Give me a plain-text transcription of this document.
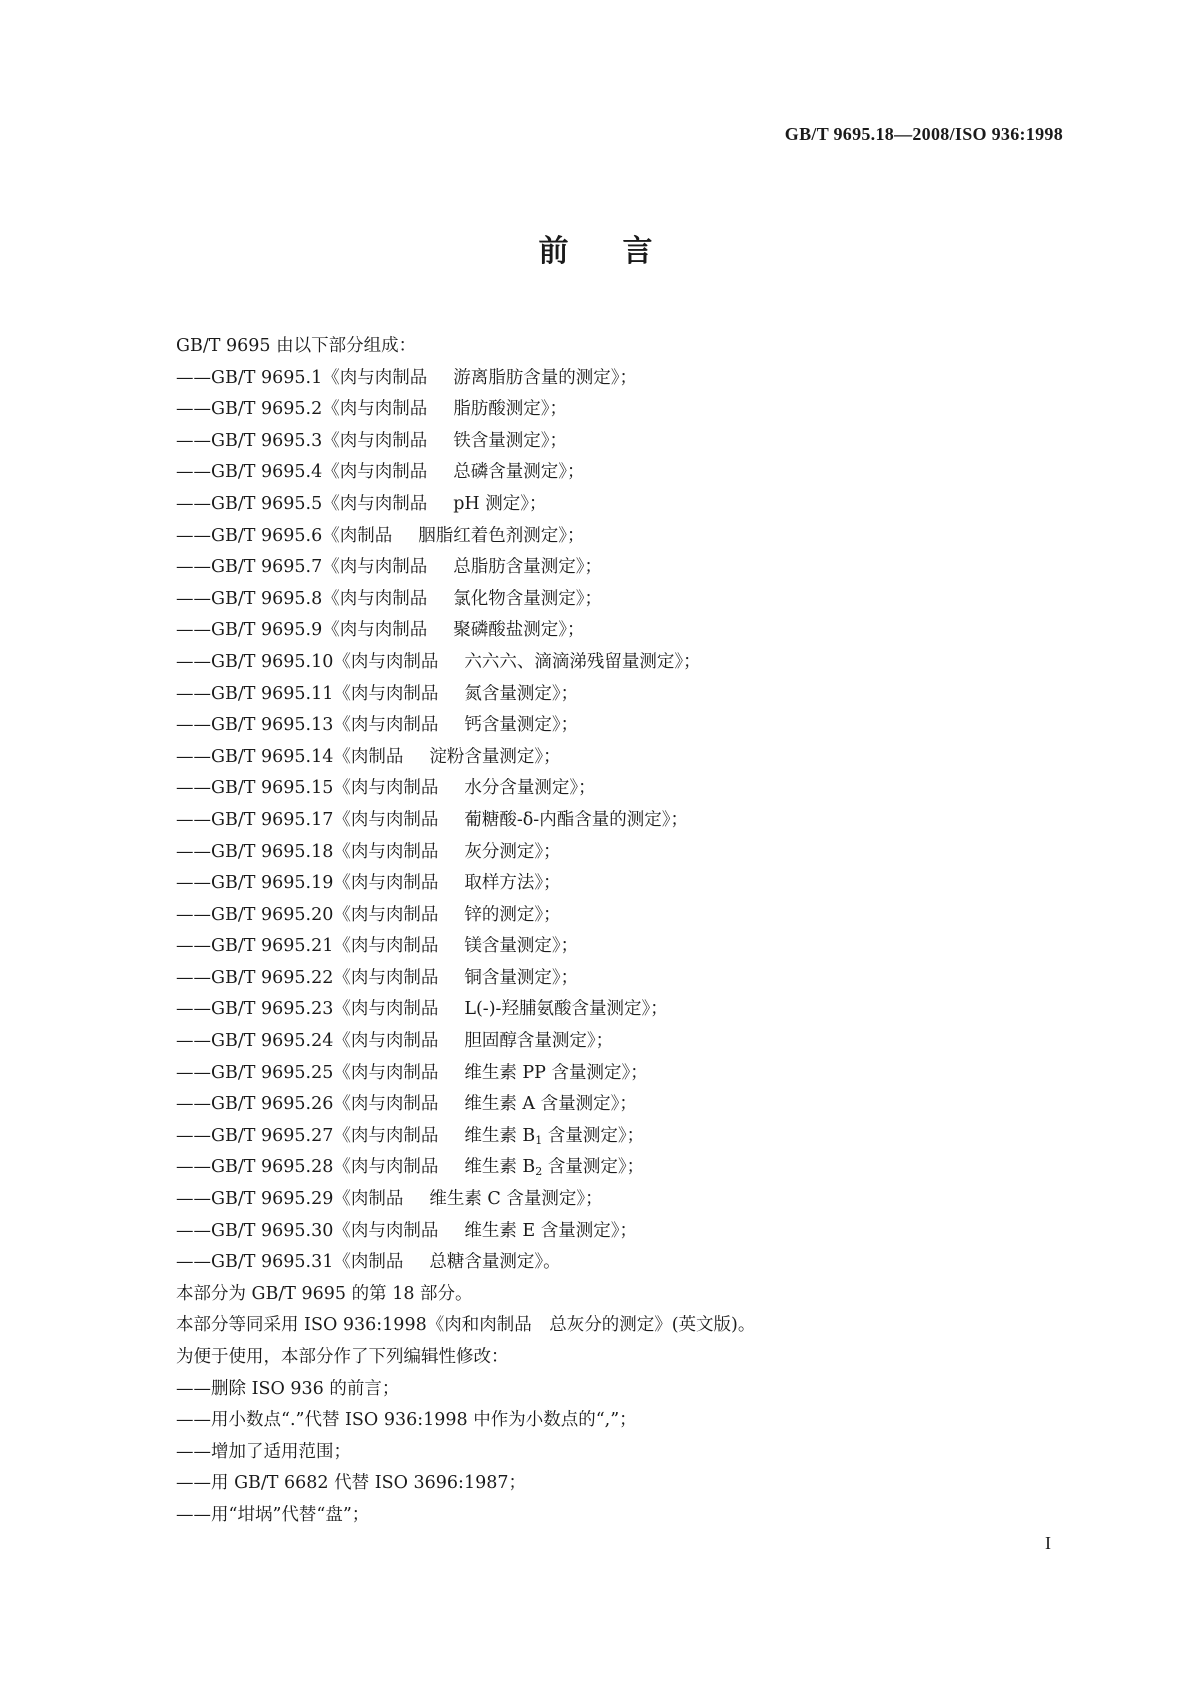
GB/T 9695.18—2008/ISO 936:1998
前言
GB/T 9695 由以下部分组成：
——GB/T 9695.1《肉与肉制品 游离脂肪含量的测定》；
——GB/T 9695.2《肉与肉制品 脂肪酸测定》；
——GB/T 9695.3《肉与肉制品 铁含量测定》；
——GB/T 9695.4《肉与肉制品 总磷含量测定》；
——GB/T 9695.5《肉与肉制品 pH 测定》；
——GB/T 9695.6《肉制品 胭脂红着色剂测定》；
——GB/T 9695.7《肉与肉制品 总脂肪含量测定》；
——GB/T 9695.8《肉与肉制品 氯化物含量测定》；
——GB/T 9695.9《肉与肉制品 聚磷酸盐测定》；
——GB/T 9695.10《肉与肉制品 六六六、滴滴涕残留量测定》；
——GB/T 9695.11《肉与肉制品 氮含量测定》；
——GB/T 9695.13《肉与肉制品 钙含量测定》；
——GB/T 9695.14《肉制品 淀粉含量测定》；
——GB/T 9695.15《肉与肉制品 水分含量测定》；
——GB/T 9695.17《肉与肉制品 葡糖酸-δ-内酯含量的测定》；
——GB/T 9695.18《肉与肉制品 灰分测定》；
——GB/T 9695.19《肉与肉制品 取样方法》；
——GB/T 9695.20《肉与肉制品 锌的测定》；
——GB/T 9695.21《肉与肉制品 镁含量测定》；
——GB/T 9695.22《肉与肉制品 铜含量测定》；
——GB/T 9695.23《肉与肉制品 L(-)-羟脯氨酸含量测定》；
——GB/T 9695.24《肉与肉制品 胆固醇含量测定》；
——GB/T 9695.25《肉与肉制品 维生素 PP 含量测定》；
——GB/T 9695.26《肉与肉制品 维生素 A 含量测定》；
——GB/T 9695.27《肉与肉制品 维生素 $B_1$ 含量测定》；
——GB/T 9695.28《肉与肉制品 维生素 $B_2$ 含量测定》；
——GB/T 9695.29《肉制品 维生素 C 含量测定》；
——GB/T 9695.30《肉与肉制品 维生素 E 含量测定》；
——GB/T 9695.31《肉制品 总糖含量测定》。
本部分为 GB/T 9695 的第 18 部分。
本部分等同采用 ISO 936:1998《肉和肉制品　总灰分的测定》(英文版)。
为便于使用，本部分作了下列编辑性修改：
——删除 ISO 936 的前言；
——用小数点“.”代替 ISO 936:1998 中作为小数点的“,”；
——增加了适用范围；
——用 GB/T 6682 代替 ISO 3696:1987；
——用“坩埚”代替“盘”；
I
